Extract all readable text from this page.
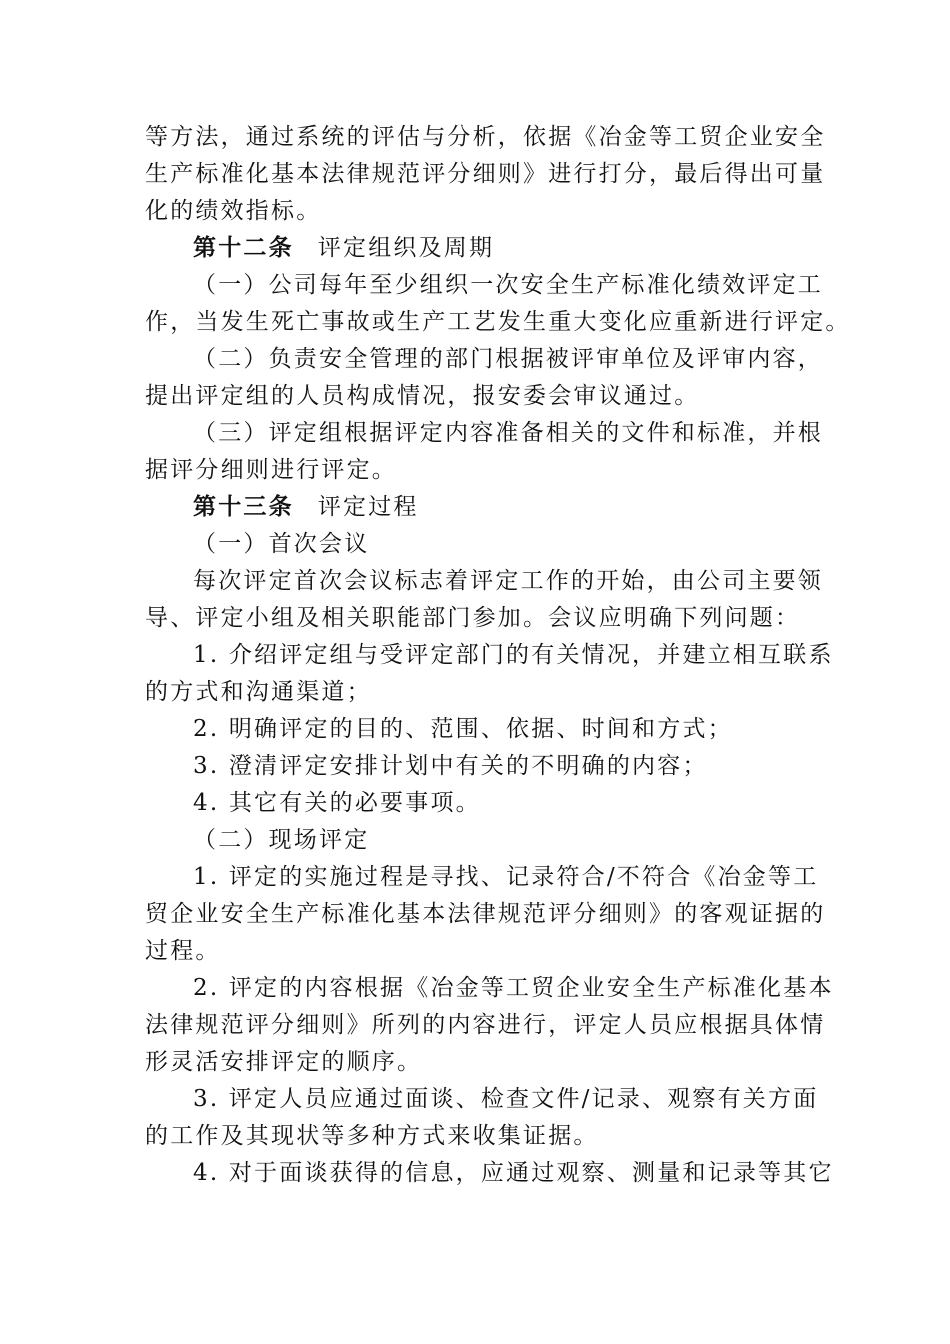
等方法，通过系统的评估与分析，依据《冶金等工贸企业安全
生产标准化基本法律规范评分细则》进行打分，最后得出可量
化的绩效指标。
第十二条 评定组织及周期
（一）公司每年至少组织一次安全生产标准化绩效评定工
作，当发生死亡事故或生产工艺发生重大变化应重新进行评定。
（二）负责安全管理的部门根据被评审单位及评审内容，
提出评定组的人员构成情况，报安委会审议通过。
（三）评定组根据评定内容准备相关的文件和标准，并根
据评分细则进行评定。
第十三条 评定过程
（一）首次会议
每次评定首次会议标志着评定工作的开始，由公司主要领
导、评定小组及相关职能部门参加。会议应明确下列问题：
1. 介绍评定组与受评定部门的有关情况，并建立相互联系
的方式和沟通渠道；
2. 明确评定的目的、范围、依据、时间和方式；
3. 澄清评定安排计划中有关的不明确的内容；
4. 其它有关的必要事项。
（二）现场评定
1. 评定的实施过程是寻找、记录符合/不符合《冶金等工
贸企业安全生产标准化基本法律规范评分细则》的客观证据的
过程。
2. 评定的内容根据《冶金等工贸企业安全生产标准化基本
法律规范评分细则》所列的内容进行，评定人员应根据具体情
形灵活安排评定的顺序。
3. 评定人员应通过面谈、检查文件/记录、观察有关方面
的工作及其现状等多种方式来收集证据。
4. 对于面谈获得的信息，应通过观察、测量和记录等其它
